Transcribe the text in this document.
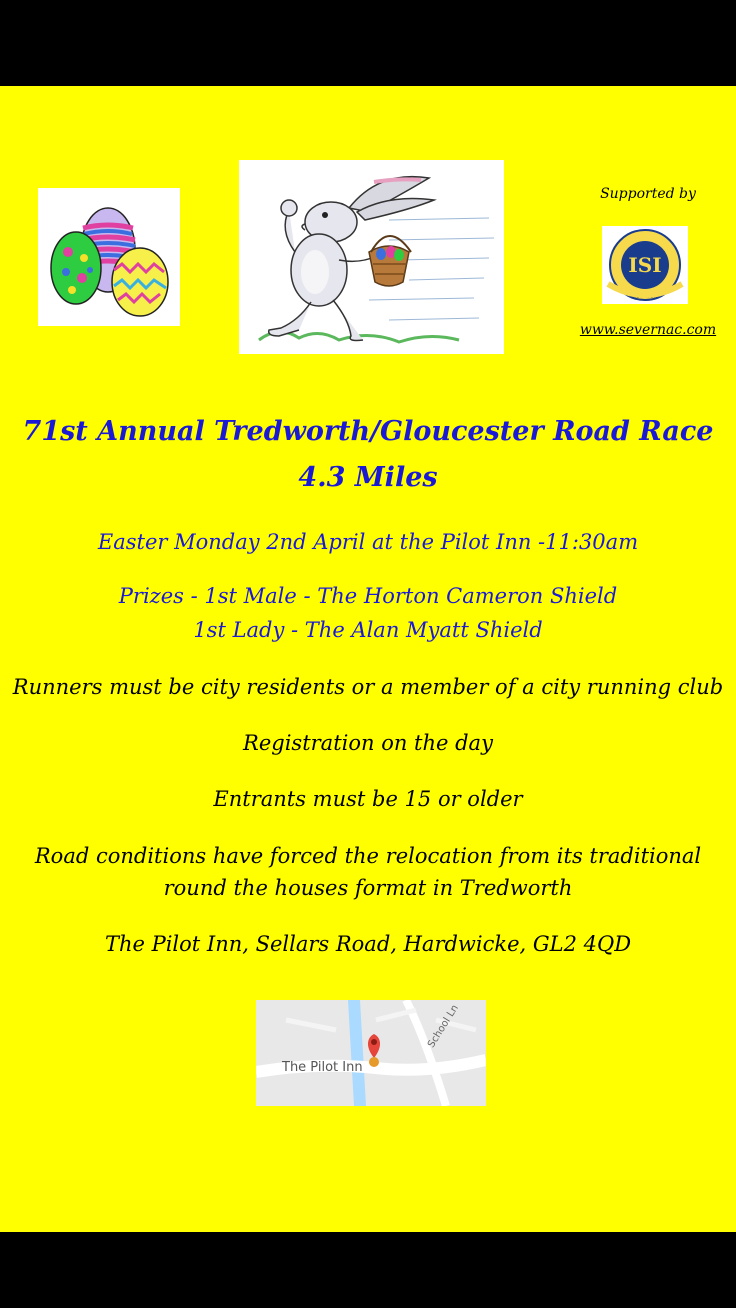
Supported by
ISI
EST 1956
www.severnac.com
71st Annual Tredworth/Gloucester Road Race
4.3 Miles
Easter Monday 2nd April at the Pilot Inn -11:30am
Prizes - 1st Male - The Horton Cameron Shield
1st Lady - The Alan Myatt Shield
Runners must be city residents or a member of a city running club
Registration on the day
Entrants must be 15 or older
Road conditions have forced the relocation from its traditional
round the houses format in Tredworth
The Pilot Inn, Sellars Road, Hardwicke, GL2 4QD
The Pilot Inn
School Ln
